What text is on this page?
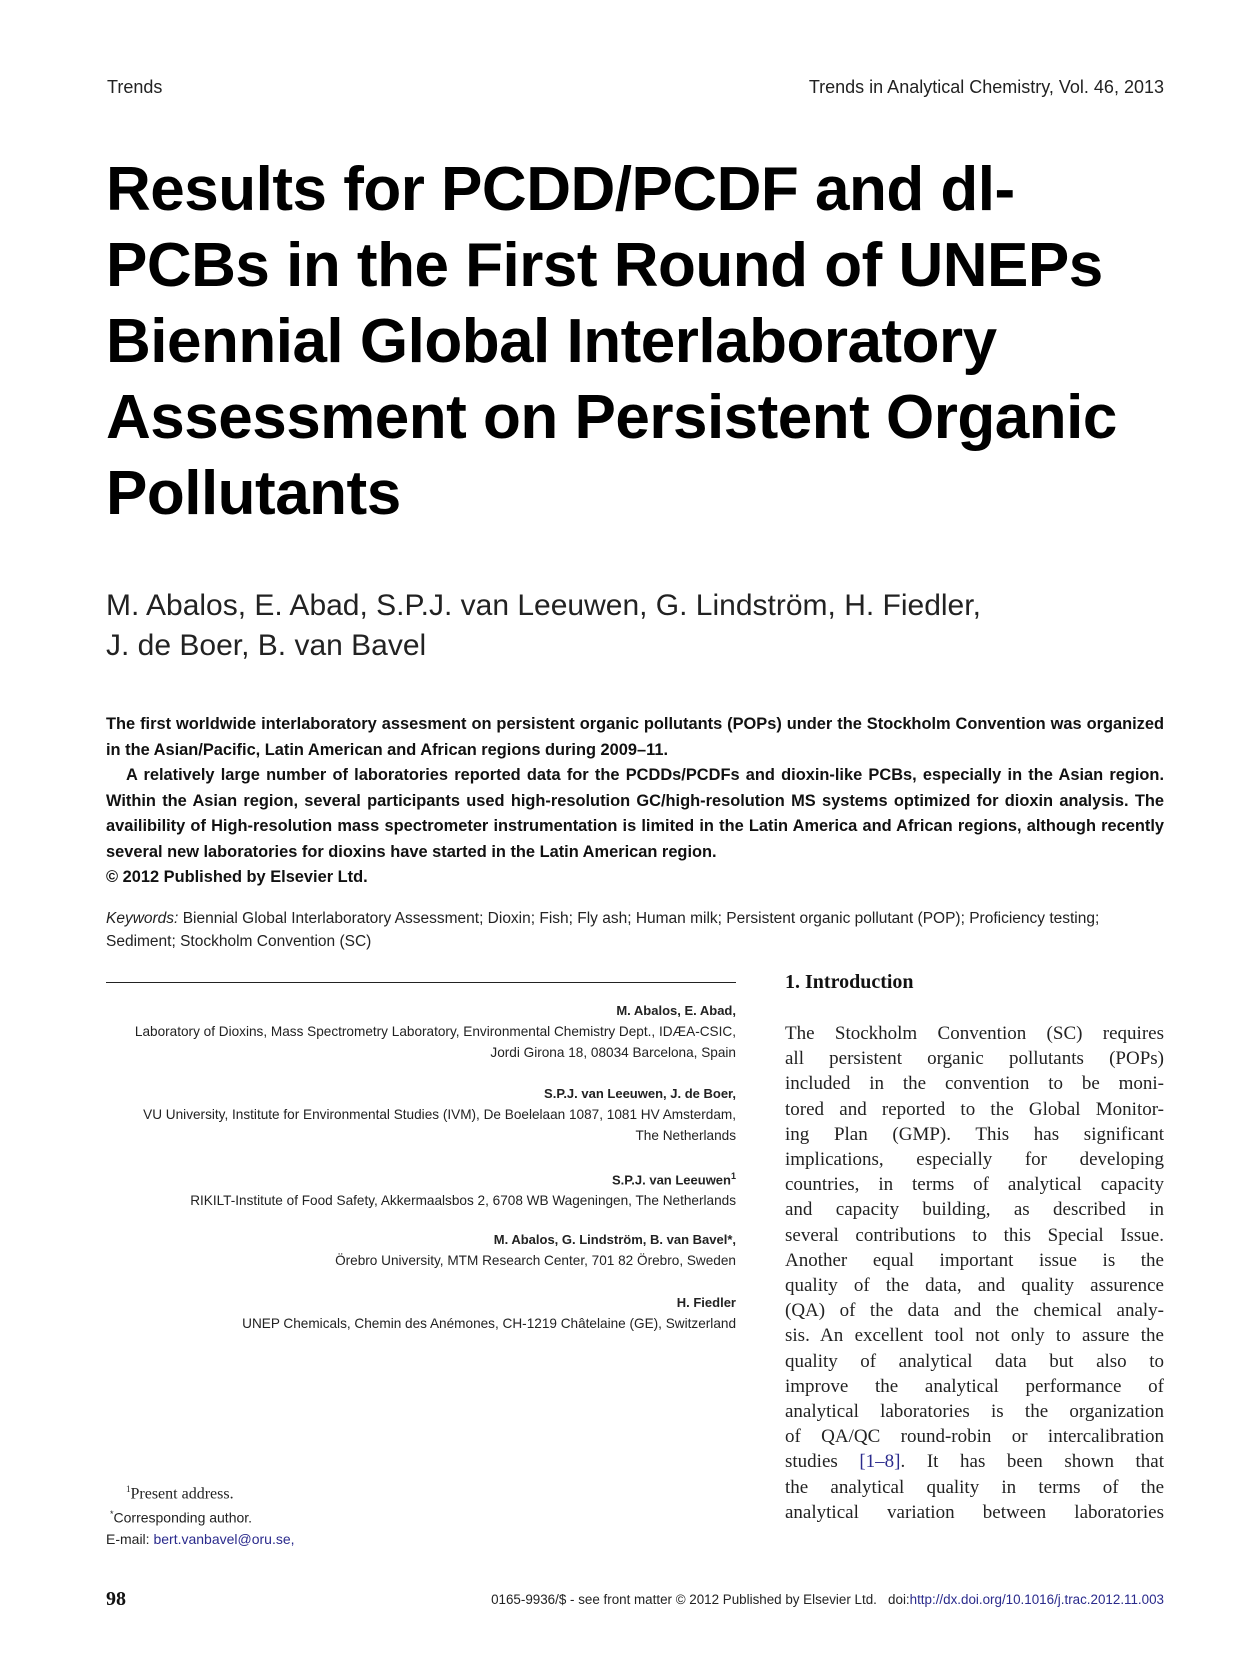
Trends	Trends in Analytical Chemistry, Vol. 46, 2013
Results for PCDD/PCDF and dl-PCBs in the First Round of UNEPs Biennial Global Interlaboratory Assessment on Persistent Organic Pollutants
M. Abalos, E. Abad, S.P.J. van Leeuwen, G. Lindström, H. Fiedler,
J. de Boer, B. van Bavel

The first worldwide interlaboratory assesment on persistent organic pollutants (POPs) under the Stockholm Convention was organized in the Asian/Pacific, Latin American and African regions during 2009–11.

A relatively large number of laboratories reported data for the PCDDs/PCDFs and dioxin-like PCBs, especially in the Asian region. Within the Asian region, several participants used high-resolution GC/high-resolution MS systems optimized for dioxin analysis. The availibility of High-resolution mass spectrometer instrumentation is limited in the Latin America and African regions, although recently several new laboratories for dioxins have started in the Latin American region.

© 2012 Published by Elsevier Ltd.

Keywords: Biennial Global Interlaboratory Assessment; Dioxin; Fish; Fly ash; Human milk; Persistent organic pollutant (POP); Proficiency testing; Sediment; Stockholm Convention (SC)
M. Abalos, E. Abad,
Laboratory of Dioxins, Mass Spectrometry Laboratory, Environmental Chemistry Dept., IDÆA-CSIC,
Jordi Girona 18, 08034 Barcelona, Spain
S.P.J. van Leeuwen, J. de Boer,
VU University, Institute for Environmental Studies (IVM), De Boelelaan 1087, 1081 HV Amsterdam,
The Netherlands
S.P.J. van Leeuwen$^1$
RIKILT-Institute of Food Safety, Akkermaalsbos 2, 6708 WB Wageningen, The Netherlands
M. Abalos, G. Lindström, B. van Bavel*,
Örebro University, MTM Research Center, 701 82 Örebro, Sweden
H. Fiedler
UNEP Chemicals, Chemin des Anémones, CH-1219 Châtelaine (GE), Switzerland
$^1$Present address.
*Corresponding author.
E-mail: bert.vanbavel@oru.se,
1. Introduction
The Stockholm Convention (SC) requires
all persistent organic pollutants (POPs)
included in the convention to be moni-
tored and reported to the Global Monitor-
ing Plan (GMP). This has significant
implications, especially for developing
countries, in terms of analytical capacity
and capacity building, as described in
several contributions to this Special Issue.
Another equal important issue is the
quality of the data, and quality assurence
(QA) of the data and the chemical analy-
sis. An excellent tool not only to assure the
quality of analytical data but also to
improve the analytical performance of
analytical laboratories is the organization
of QA/QC round-robin or intercalibration
studies [1–8]. It has been shown that
the analytical quality in terms of the
analytical variation between laboratories
98	0165-9936/$ - see front matter © 2012 Published by Elsevier Ltd. doi:http://dx.doi.org/10.1016/j.trac.2012.11.003
